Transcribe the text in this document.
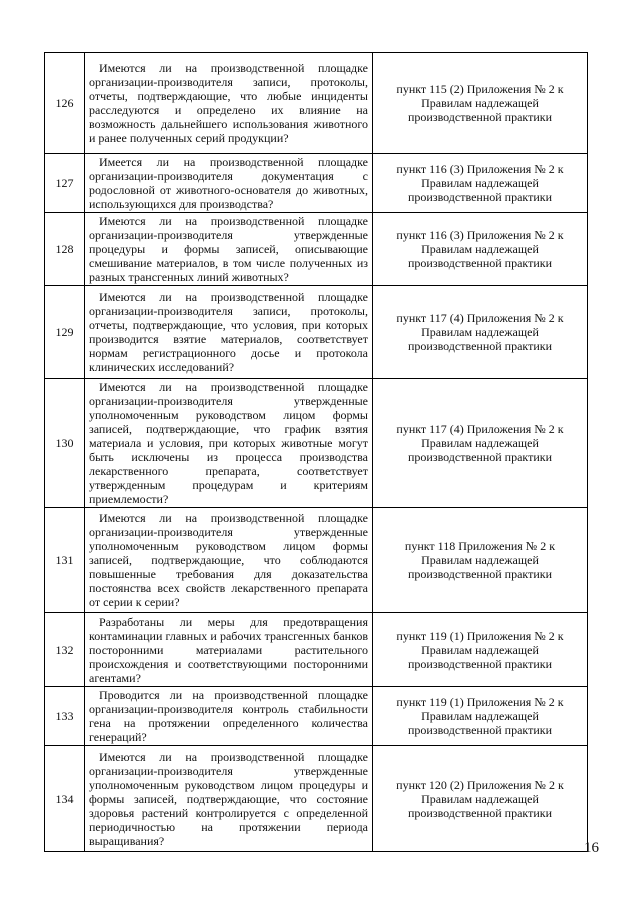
126	Имеются ли на производственной площадке организации-производителя записи, протоколы, отчеты, подтверждающие, что любые инциденты расследуются и определено их влияние на возможность дальнейшего использования животного и ранее полученных серий продукции?	пункт 115 (2) Приложения № 2 к Правилам надлежащей производственной практики
127	Имеется ли на производственной площадке организации-производителя документация с родословной от животного-основателя до животных, использующихся для производства?	пункт 116 (3) Приложения № 2 к Правилам надлежащей производственной практики
128	Имеются ли на производственной площадке организации-производителя утвержденные процедуры и формы записей, описывающие смешивание материалов, в том числе полученных из разных трансгенных линий животных?	пункт 116 (3) Приложения № 2 к Правилам надлежащей производственной практики
129	Имеются ли на производственной площадке организации-производителя записи, протоколы, отчеты, подтверждающие, что условия, при которых производится взятие материалов, соответствует нормам регистрационного досье и протокола клинических исследований?	пункт 117 (4) Приложения № 2 к Правилам надлежащей производственной практики
130	Имеются ли на производственной площадке организации-производителя утвержденные уполномоченным руководством лицом формы записей, подтверждающие, что график взятия материала и условия, при которых животные могут быть исключены из процесса производства лекарственного препарата, соответствует утвержденным процедурам и критериям приемлемости?	пункт 117 (4) Приложения № 2 к Правилам надлежащей производственной практики
131	Имеются ли на производственной площадке организации-производителя утвержденные уполномоченным руководством лицом формы записей, подтверждающие, что соблюдаются повышенные требования для доказательства постоянства всех свойств лекарственного препарата от серии к серии?	пункт 118 Приложения № 2 к Правилам надлежащей производственной практики
132	Разработаны ли меры для предотвращения контаминации главных и рабочих трансгенных банков посторонними материалами растительного происхождения и соответствующими посторонними агентами?	пункт 119 (1) Приложения № 2 к Правилам надлежащей производственной практики
133	Проводится ли на производственной площадке организации-производителя контроль стабильности гена на протяжении определенного количества генераций?	пункт 119 (1) Приложения № 2 к Правилам надлежащей производственной практики
134	Имеются ли на производственной площадке организации-производителя утвержденные уполномоченным руководством лицом процедуры и формы записей, подтверждающие, что состояние здоровья растений контролируется с определенной периодичностью на протяжении периода выращивания?	пункт 120 (2) Приложения № 2 к Правилам надлежащей производственной практики
16
